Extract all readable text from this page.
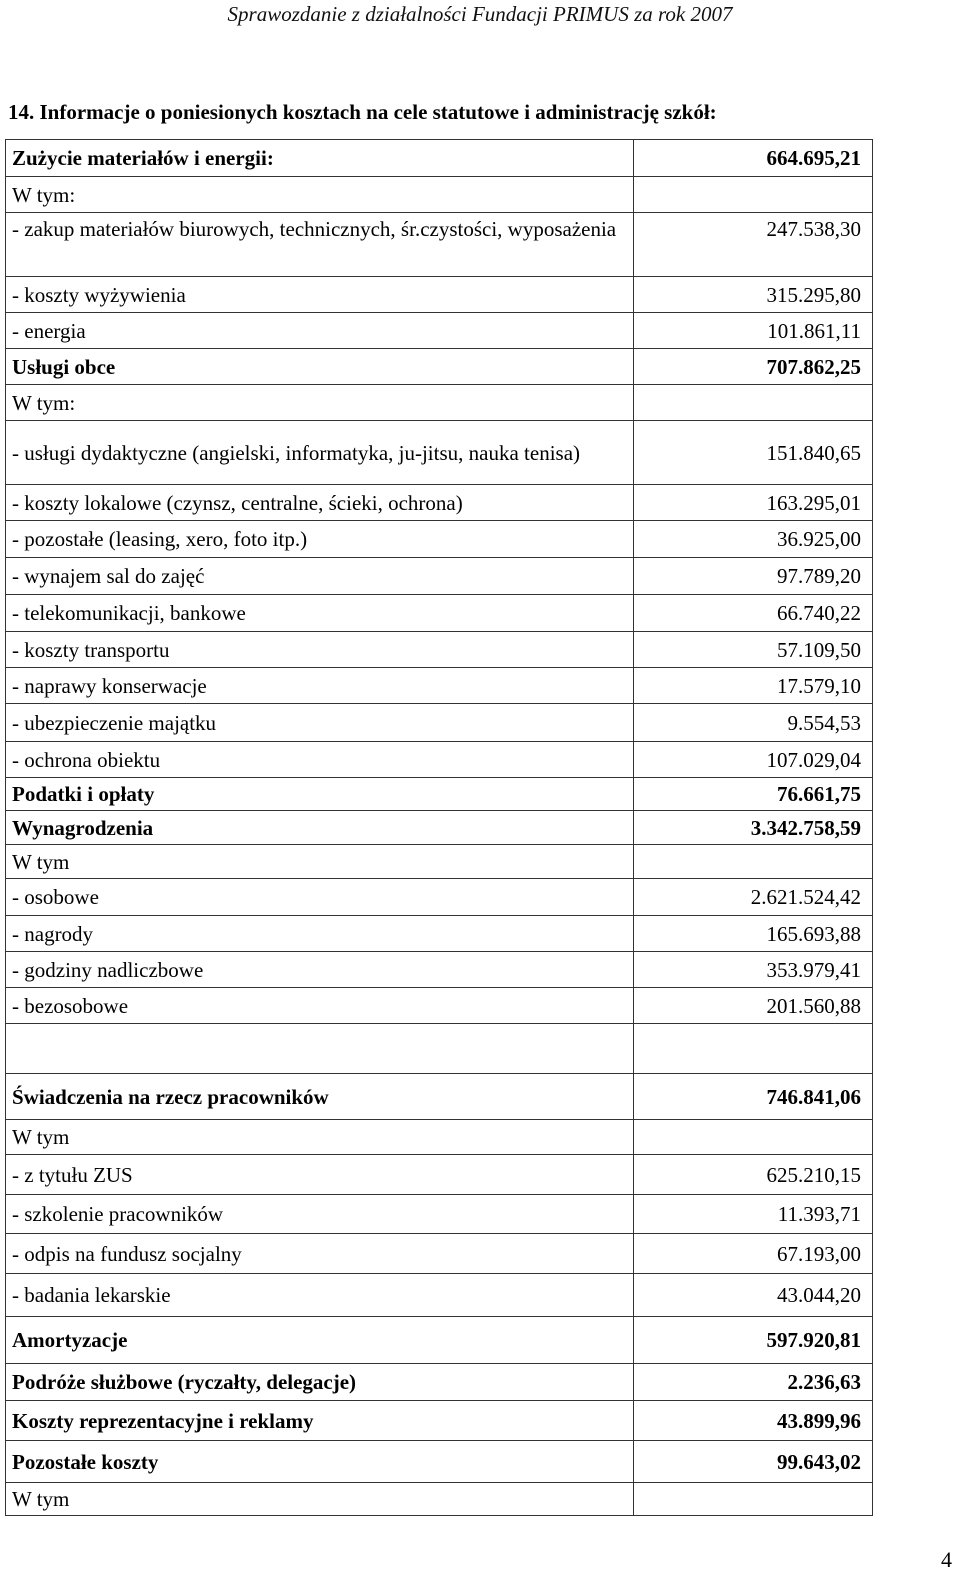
Sprawozdanie z działalności Fundacji PRIMUS za rok 2007
14. Informacje o poniesionych kosztach na cele statutowe i administrację szkół:
Zużycie materiałów i energii:	664.695,21
W tym:	
- zakup materiałów biurowych, technicznych, śr.czystości, wyposażenia	247.538,30
- koszty wyżywienia	315.295,80
- energia	101.861,11
Usługi obce	707.862,25
W tym:	
- usługi dydaktyczne (angielski, informatyka, ju-jitsu, nauka tenisa)	151.840,65
- koszty lokalowe (czynsz, centralne, ścieki, ochrona)	163.295,01
- pozostałe (leasing, xero, foto itp.)	36.925,00
- wynajem sal do zajęć	97.789,20
- telekomunikacji, bankowe	66.740,22
- koszty transportu	57.109,50
- naprawy konserwacje	17.579,10
- ubezpieczenie majątku	9.554,53
- ochrona obiektu	107.029,04
Podatki i opłaty	76.661,75
Wynagrodzenia	3.342.758,59
W tym	
- osobowe	2.621.524,42
- nagrody	165.693,88
- godziny nadliczbowe	353.979,41
- bezosobowe	201.560,88

Świadczenia na rzecz pracowników	746.841,06
W tym	
- z tytułu ZUS	625.210,15
- szkolenie pracowników	11.393,71
- odpis na fundusz socjalny	67.193,00
- badania lekarskie	43.044,20
Amortyzacje	597.920,81
Podróże służbowe (ryczałty, delegacje)	2.236,63
Koszty reprezentacyjne i reklamy	43.899,96
Pozostałe koszty	99.643,02
W tym	
4
